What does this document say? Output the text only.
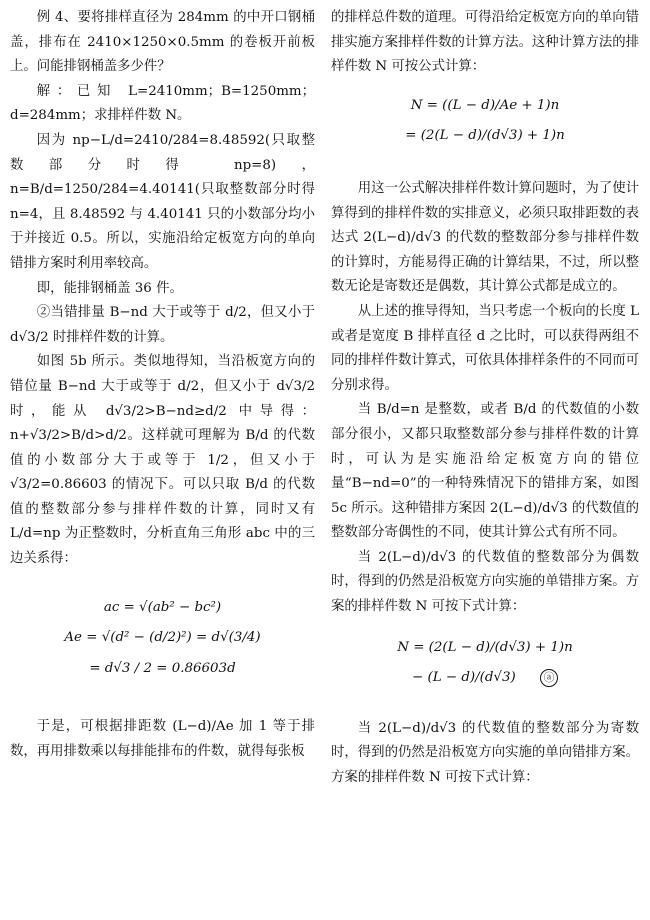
例 4、要将排样直径为 284mm 的中开口钢桶盖，排布在 2410×1250×0.5mm 的卷板开前板上。问能排钢桶盖多少件？

解：已知 L=2410mm；B=1250mm；d=284mm；求排样件数 N。

因为 np−L/d=2410/284=8.48592(只取整数部分时得 np=8)，n=B/d=1250/284=4.40141(只取整数部分时得 n=4，且 8.48592 与 4.40141 只的小数部分均小于并接近 0.5。所以，实施沿给定板宽方向的单向错排方案时利用率较高。

即，能排钢桶盖 36 件。

②当错排量 B−nd 大于或等于 d/2，但又小于 d√3/2 时排样件数的计算。

如图 5b 所示。类似地得知，当沿板宽方向的错位量 B−nd 大于或等于 d/2，但又小于 d√3/2 时，能从 d√3/2>B−nd≥d/2 中导得：n+√3/2>B/d>d/2。这样就可理解为 B/d 的代数值的小数部分大于或等于 1/2，但又小于 √3/2=0.86603 的情况下。可以只取 B/d 的代数值的整数部分参与排样件数的计算，同时又有 L/d=np 为正整数时，分析直角三角形 abc 中的三边关系得：

ac = √(ab² − bc²)
Ae = √(d² − (d/2)²) = d√(3/4)
= d√3 / 2 = 0.86603d

于是，可根据排距数 (L−d)/Ae 加 1 等于排数，再用排数乘以每排能排布的件数，就得每张板

的排样总件数的道理。可得沿给定板宽方向的单向错排实施方案排样件数的计算方法。这种计算方法的排样件数 N 可按公式计算：

N = ((L − d)/Ae + 1)n
= (2(L − d)/(d√3) + 1)n

用这一公式解决排样件数计算问题时，为了使计算得到的排样件数的实排意义，必须只取排距数的表达式 2(L−d)/d√3 的代数的整数部分参与排样件数的计算时，方能易得正确的计算结果，不过，所以整数无论是寄数还是偶数，其计算公式都是成立的。

从上述的推导得知，当只考虑一个板向的长度 L 或者是宽度 B 排样直径 d 之比时，可以获得两组不同的排样件数计算式，可依具体排样条件的不同而可分别求得。

当 B/d=n 是整数，或者 B/d 的代数值的小数部分很小，又都只取整数部分参与排样件数的计算时，可认为是实施沿给定板宽方向的错位量“B−nd=0”的一种特殊情况下的错排方案，如图 5c 所示。这种错排方案因 2(L−d)/d√3 的代数值的整数部分寄偶性的不同，使其计算公式有所不同。

当 2(L−d)/d√3 的代数值的整数部分为偶数时，得到的仍然是沿板宽方向实施的单错排方案。方案的排样件数 N 可按下式计算：

N = (2(L − d)/(d√3) + 1)n
− (L − d)/(d√3)	ⓐ

当 2(L−d)/d√3 的代数值的整数部分为寄数时，得到的仍然是沿板宽方向实施的单向错排方案。方案的排样件数 N 可按下式计算：
